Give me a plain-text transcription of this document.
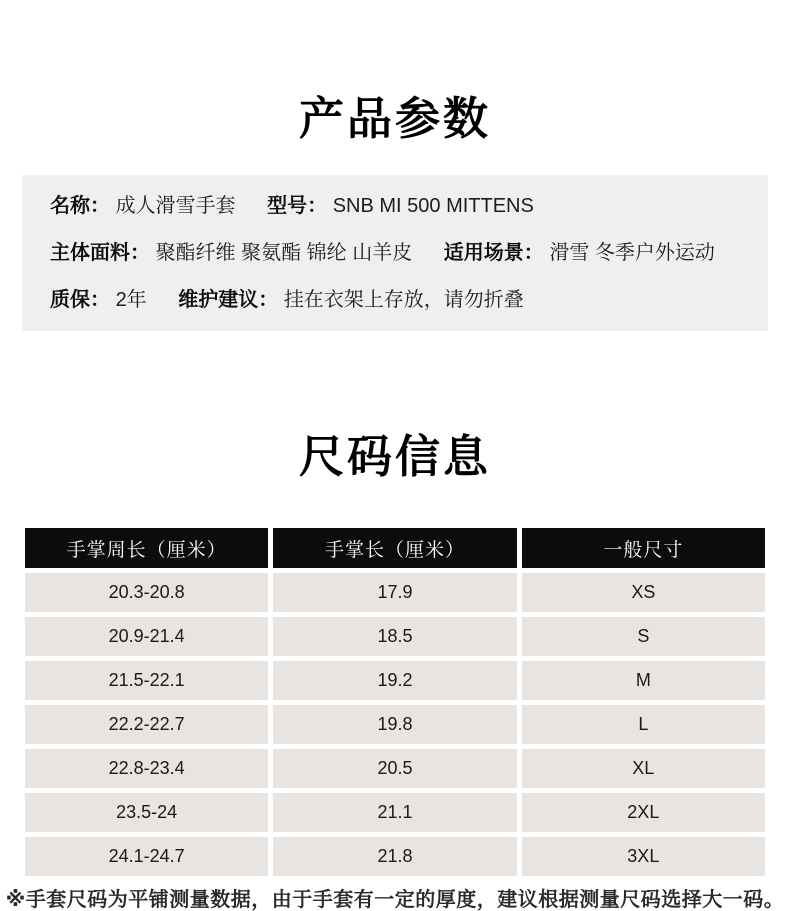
产品参数
名称： 成人滑雪手套 型号： SNB MI 500 MITTENS
主体面料： 聚酯纤维 聚氨酯 锦纶 山羊皮 适用场景： 滑雪 冬季户外运动
质保： 2年 维护建议： 挂在衣架上存放，请勿折叠
尺码信息
手掌周长（厘米）	手掌长（厘米）	一般尺寸
20.3-20.8	17.9	XS
20.9-21.4	18.5	S
21.5-22.1	19.2	M
22.2-22.7	19.8	L
22.8-23.4	20.5	XL
23.5-24	21.1	2XL
24.1-24.7	21.8	3XL
※手套尺码为平铺测量数据，由于手套有一定的厚度，建议根据测量尺码选择大一码。
